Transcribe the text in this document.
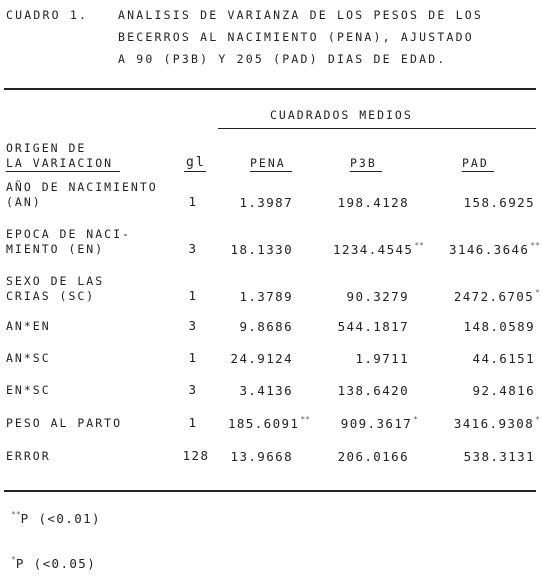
CUADRO 1.	ANALISIS DE VARIANZA DE LOS PESOS DE LOS
BECERROS AL NACIMIENTO (PENA), AJUSTADO
A 90 (P3B) Y 205 (PAD) DIAS DE EDAD.
CUADRADOS MEDIOS
ORIGEN DE
LA VARIACION	gl	PENA	P3B	PAD
AÑO DE NACIMIENTO
(AN)	1	1.3987	198.4128	158.6925
EPOCA DE NACI-
MIENTO (EN)	3	18.1330	1234.4545**	3146.3646**
SEXO DE LAS
CRIAS (SC)	1	1.3789	90.3279	2472.6705*
AN*EN	3	9.8686	544.1817	148.0589
AN*SC	1	24.9124	1.9711	44.6151
EN*SC	3	3.4136	138.6420	92.4816
PESO AL PARTO	1	185.6091**	909.3617*	3416.9308*
ERROR	128	13.9668	206.0166	538.3131
**P (<0.01)
*P (<0.05)
